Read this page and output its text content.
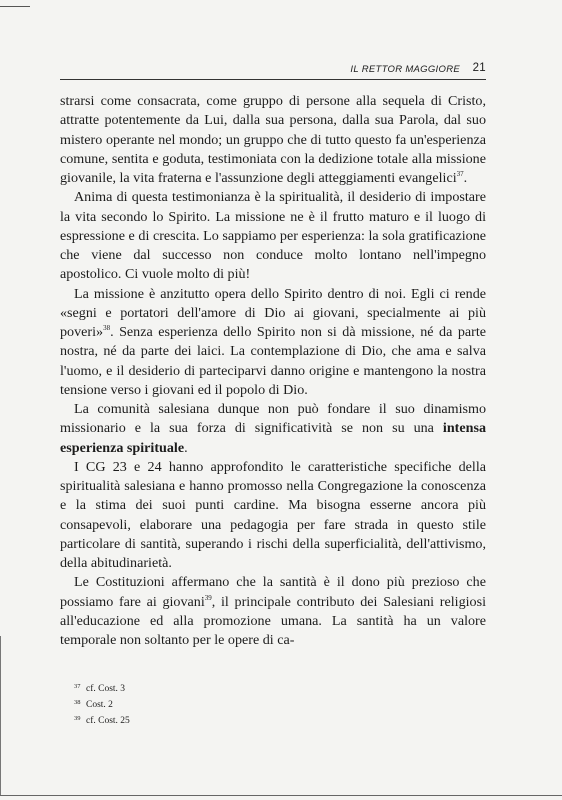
IL RETTOR MAGGIORE 21

strarsi come consacrata, come gruppo di persone alla sequela di Cristo, attratte potentemente da Lui, dalla sua persona, dalla sua Parola, dal suo mistero operante nel mondo; un gruppo che di tutto questo fa un'esperienza comune, sentita e goduta, testimoniata con la dedizione totale alla missione giovanile, la vita fraterna e l'assunzione degli atteggiamenti evangelici$^{37}$.

Anima di questa testimonianza è la spiritualità, il desiderio di impostare la vita secondo lo Spirito. La missione ne è il frutto maturo e il luogo di espressione e di crescita. Lo sappiamo per esperienza: la sola gratificazione che viene dal successo non conduce molto lontano nell'impegno apostolico. Ci vuole molto di più!

La missione è anzitutto opera dello Spirito dentro di noi. Egli ci rende «segni e portatori dell'amore di Dio ai giovani, specialmente ai più poveri»$^{38}$. Senza esperienza dello Spirito non si dà missione, né da parte nostra, né da parte dei laici. La contemplazione di Dio, che ama e salva l'uomo, e il desiderio di parteciparvi danno origine e mantengono la nostra tensione verso i giovani ed il popolo di Dio.

La comunità salesiana dunque non può fondare il suo dinamismo missionario e la sua forza di significatività se non su una intensa esperienza spirituale.

I CG 23 e 24 hanno approfondito le caratteristiche specifiche della spiritualità salesiana e hanno promosso nella Congregazione la conoscenza e la stima dei suoi punti cardine. Ma bisogna esserne ancora più consapevoli, elaborare una pedagogia per fare strada in questo stile particolare di santità, superando i rischi della superficialità, dell'attivismo, della abitudinarietà.

Le Costituzioni affermano che la santità è il dono più prezioso che possiamo fare ai giovani$^{39}$, il principale contributo dei Salesiani religiosi all'educazione ed alla promozione umana. La santità ha un valore temporale non soltanto per le opere di ca-

37 cf. Cost. 3
38 Cost. 2
39 cf. Cost. 25
